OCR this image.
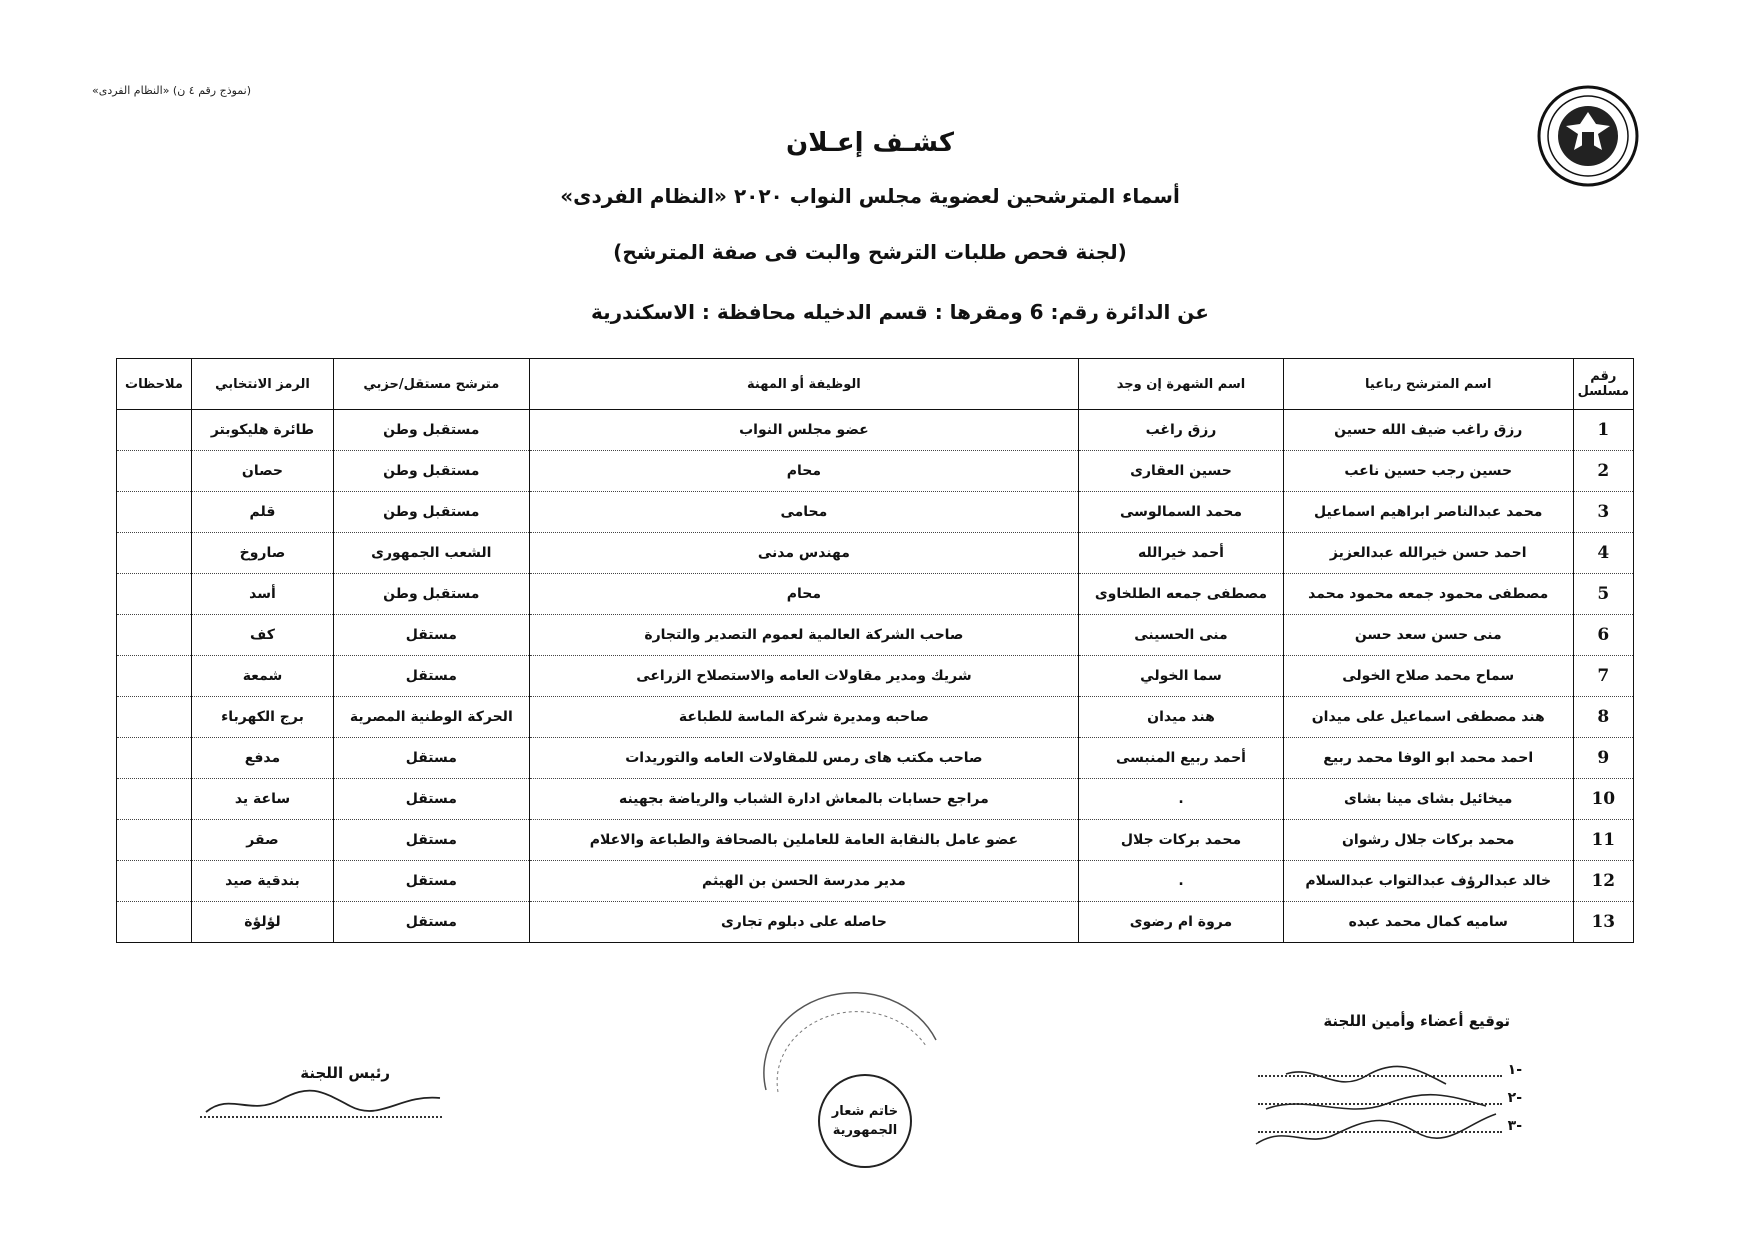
(نموذج رقم ٤ ن) «النظام الفردى»
كشـف إعـلان
أسماء المترشحين لعضوية مجلس النواب ٢٠٢٠ «النظام الفردى»
(لجنة فحص طلبات الترشح والبت فى صفة المترشح)
عن الدائرة رقم: 6 ومقرها : قسم الدخيله محافظة : الاسكندرية
رقم مسلسل	اسم المترشح رباعيا	اسم الشهرة إن وجد	الوظيفة أو المهنة	مترشح مستقل/حزبي	الرمز الانتخابي	ملاحظات
1	رزق راغب ضيف الله حسين	رزق راغب	عضو مجلس النواب	مستقبل وطن	طائرة هليكوبتر	
2	حسين رجب حسين ناعب	حسين العقارى	محام	مستقبل وطن	حصان	
3	محمد عبدالناصر ابراهيم اسماعيل	محمد السمالوسى	محامى	مستقبل وطن	قلم	
4	احمد حسن خيرالله عبدالعزيز	أحمد خيرالله	مهندس مدنى	الشعب الجمهورى	صاروخ	
5	مصطفى محمود جمعه محمود محمد	مصطفى جمعه الطلخاوى	محام	مستقبل وطن	أسد	
6	منى حسن سعد حسن	منى الحسينى	صاحب الشركة العالمية لعموم التصدير والتجارة	مستقل	كف	
7	سماح محمد صلاح الخولى	سما الخولي	شريك ومدير مقاولات العامه والاستصلاح الزراعى	مستقل	شمعة	
8	هند مصطفى اسماعيل على ميدان	هند ميدان	صاحبه ومديرة شركة الماسة للطباعة	الحركة الوطنية المصرية	برج الكهرباء	
9	احمد محمد ابو الوفا محمد ربيع	أحمد ربيع المنبسى	صاحب مكتب هاى رمس للمقاولات العامه والتوريدات	مستقل	مدفع	
10	ميخائيل بشاى مينا بشاى	.	مراجع حسابات بالمعاش ادارة الشباب والرياضة بجهينه	مستقل	ساعة يد	
11	محمد بركات جلال رشوان	محمد بركات جلال	عضو عامل بالنقابة العامة للعاملين بالصحافة والطباعة والاعلام	مستقل	صقر	
12	خالد عبدالرؤف عبدالتواب عبدالسلام	.	مدير مدرسة الحسن بن الهيثم	مستقل	بندقية صيد	
13	ساميه كمال محمد عبده	مروة ام رضوى	حاصله على دبلوم تجارى	مستقل	لؤلؤة	
توقيع أعضاء وأمين اللجنة
-١
-٢
-٣
خاتم شعار الجمهورية
رئيس اللجنة
